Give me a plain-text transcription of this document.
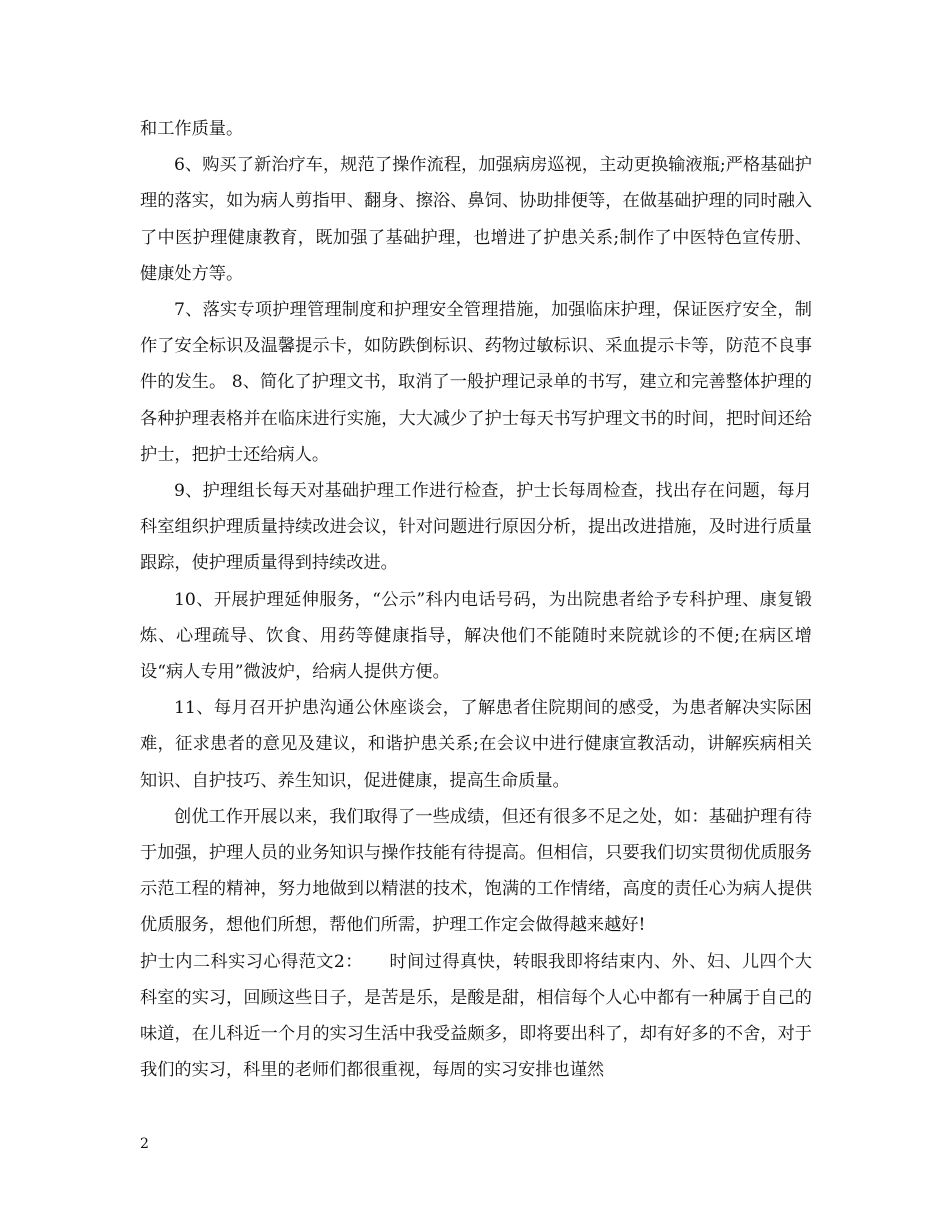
和工作质量。

6、购买了新治疗车，规范了操作流程，加强病房巡视，主动更换输液瓶;严格基础护理的落实，如为病人剪指甲、翻身、擦浴、鼻饲、协助排便等，在做基础护理的同时融入了中医护理健康教育，既加强了基础护理，也增进了护患关系;制作了中医特色宣传册、健康处方等。

7、落实专项护理管理制度和护理安全管理措施，加强临床护理，保证医疗安全，制作了安全标识及温馨提示卡，如防跌倒标识、药物过敏标识、采血提示卡等，防范不良事件的发生。 8、简化了护理文书，取消了一般护理记录单的书写，建立和完善整体护理的各种护理表格并在临床进行实施，大大减少了护士每天书写护理文书的时间，把时间还给护士，把护士还给病人。

9、护理组长每天对基础护理工作进行检查，护士长每周检查，找出存在问题，每月科室组织护理质量持续改进会议，针对问题进行原因分析，提出改进措施，及时进行质量跟踪，使护理质量得到持续改进。

10、开展护理延伸服务，“公示”科内电话号码，为出院患者给予专科护理、康复锻炼、心理疏导、饮食、用药等健康指导，解决他们不能随时来院就诊的不便;在病区增设“病人专用”微波炉，给病人提供方便。

11、每月召开护患沟通公休座谈会，了解患者住院期间的感受，为患者解决实际困难，征求患者的意见及建议，和谐护患关系;在会议中进行健康宣教活动，讲解疾病相关知识、自护技巧、养生知识，促进健康，提高生命质量。

创优工作开展以来，我们取得了一些成绩，但还有很多不足之处，如：基础护理有待于加强，护理人员的业务知识与操作技能有待提高。但相信，只要我们切实贯彻优质服务示范工程的精神，努力地做到以精湛的技术，饱满的工作情绪，高度的责任心为病人提供优质服务，想他们所想，帮他们所需，护理工作定会做得越来越好!

护士内二科实习心得范文2：　　时间过得真快，转眼我即将结束内、外、妇、儿四个大科室的实习，回顾这些日子，是苦是乐，是酸是甜，相信每个人心中都有一种属于自己的味道，在儿科近一个月的实习生活中我受益颇多，即将要出科了，却有好多的不舍，对于我们的实习，科里的老师们都很重视，每周的实习安排也谨然

2
